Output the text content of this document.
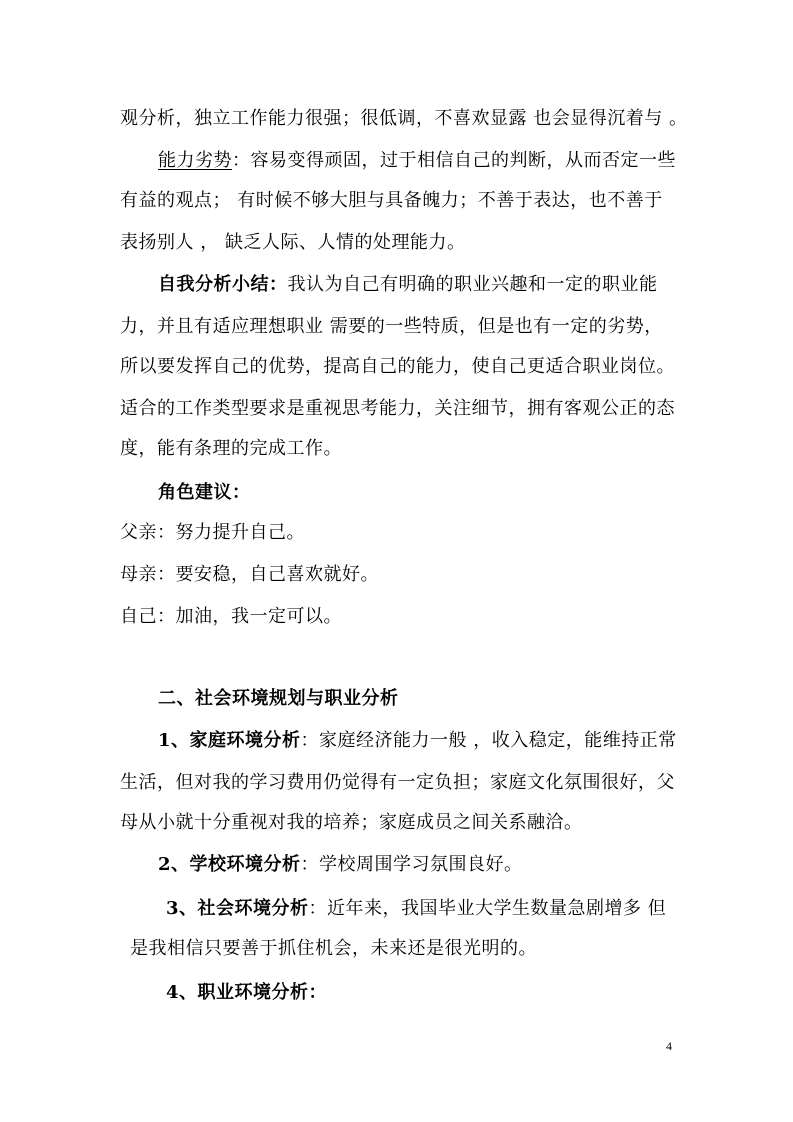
观分析，独立工作能力很强；很低调，不喜欢显露 也会显得沉着与 。
能力劣势：容易变得顽固，过于相信自己的判断，从而否定一些
有益的观点； 有时候不够大胆与具备魄力；不善于表达，也不善于
表扬别人 ， 缺乏人际、人情的处理能力。
自我分析小结：我认为自己有明确的职业兴趣和一定的职业能
力，并且有适应理想职业 需要的一些特质，但是也有一定的劣势，
所以要发挥自己的优势，提高自己的能力，使自己更适合职业岗位。
适合的工作类型要求是重视思考能力，关注细节，拥有客观公正的态
度，能有条理的完成工作。
角色建议：
父亲：努力提升自己。
母亲：要安稳，自己喜欢就好。
自己：加油，我一定可以。
二、社会环境规划与职业分析
1、家庭环境分析：家庭经济能力一般 ，收入稳定，能维持正常
生活，但对我的学习费用仍觉得有一定负担；家庭文化氛围很好，父
母从小就十分重视对我的培养；家庭成员之间关系融洽。
2、学校环境分析：学校周围学习氛围良好。
3、社会环境分析：近年来，我国毕业大学生数量急剧增多 但
是我相信只要善于抓住机会，未来还是很光明的。
4、职业环境分析：
4
